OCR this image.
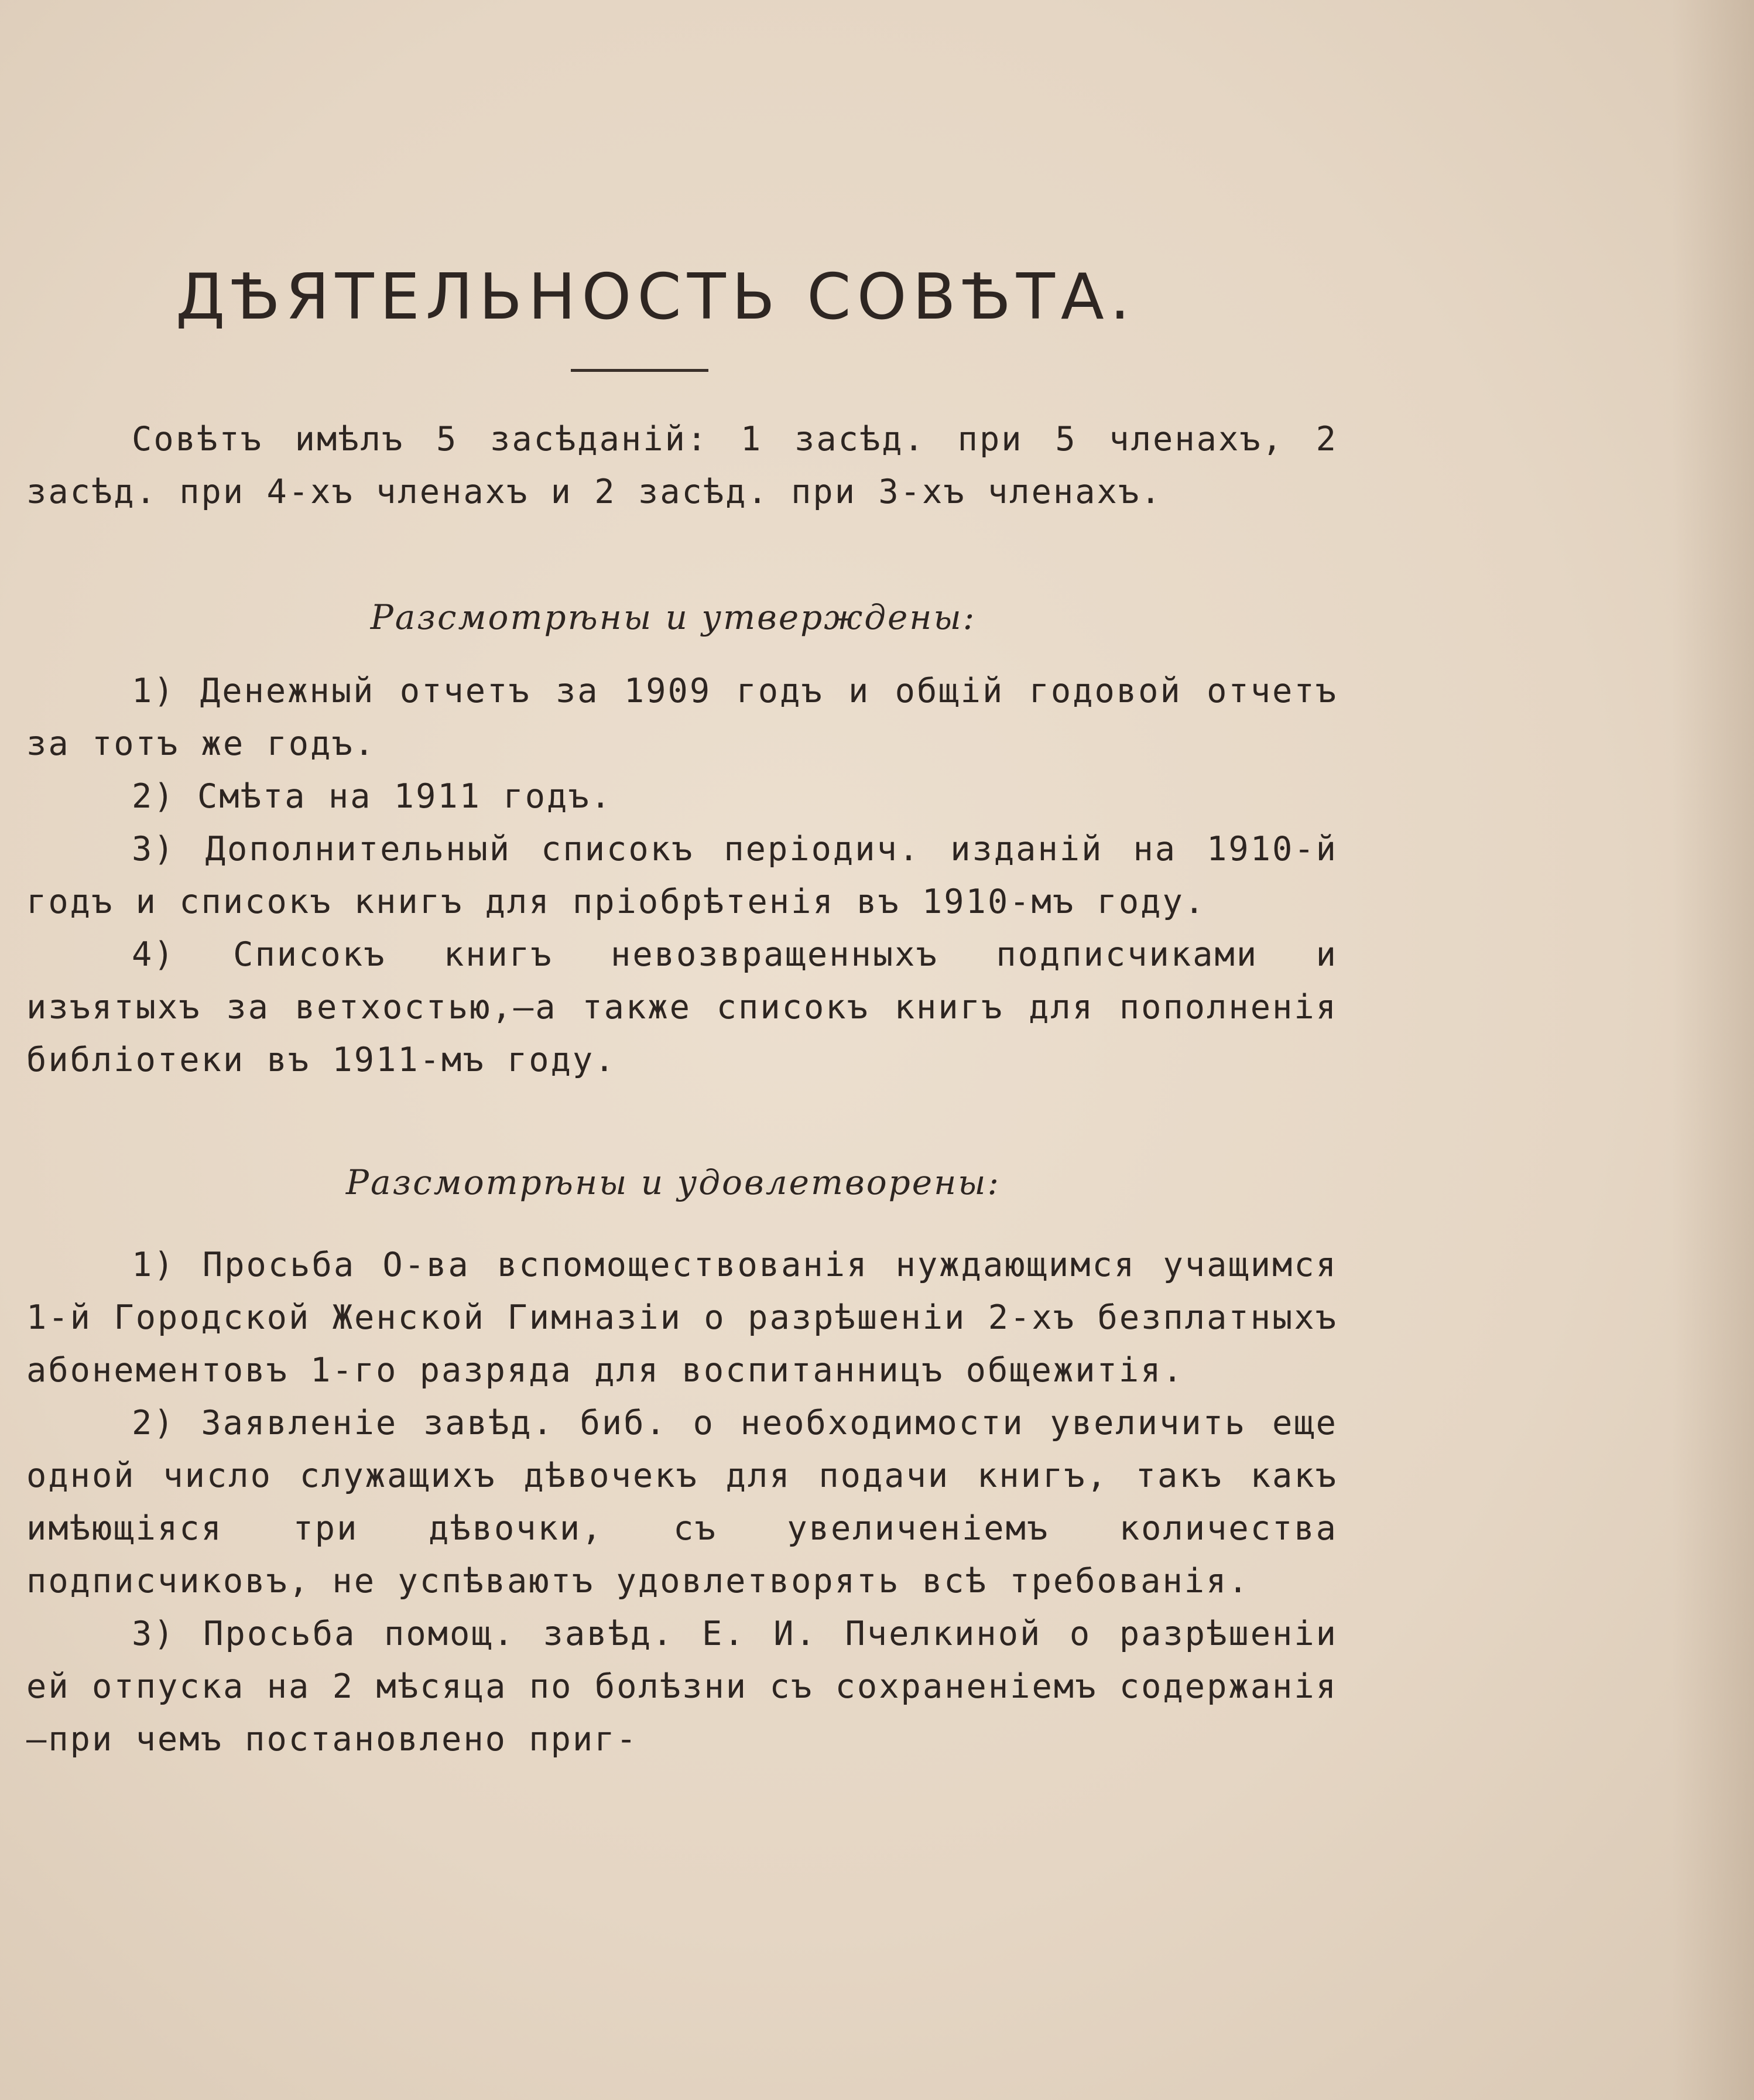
ДѢЯТЕЛЬНОСТЬ СОВѢТА.

Совѣтъ имѣлъ 5 засѣданій: 1 засѣд. при 5 членахъ, 2 засѣд. при 4-хъ членахъ и 2 засѣд. при 3-хъ членахъ.

Разсмотрѣны и утверждены:

1) Денежный отчетъ за 1909 годъ и общій годовой отчетъ за тотъ же годъ.

2) Смѣта на 1911 годъ.

3) Дополнительный списокъ періодич. изданій на 1910-й годъ и списокъ книгъ для пріобрѣтенія въ 1910-мъ году.

4) Списокъ книгъ невозвращенныхъ подписчиками и изъятыхъ за ветхостью,—а также списокъ книгъ для пополненія библіотеки въ 1911-мъ году.

Разсмотрѣны и удовлетворены:

1) Просьба О-ва вспомоществованія нуждающимся учащимся 1-й Городской Женской Гимназіи о разрѣшеніи 2-хъ безплатныхъ абонементовъ 1-го разряда для воспитанницъ общежитія.

2) Заявленіе завѣд. биб. о необходимости увеличить еще одной число служащихъ дѣвочекъ для подачи книгъ, такъ какъ имѣющіяся три дѣвочки, съ увеличеніемъ количества подписчиковъ, не успѣваютъ удовлетворять всѣ требованія.

3) Просьба помощ. завѣд. Е. И. Пчелкиной о разрѣшеніи ей отпуска на 2 мѣсяца по болѣзни съ сохраненіемъ содержанія—при чемъ постановлено приг-
